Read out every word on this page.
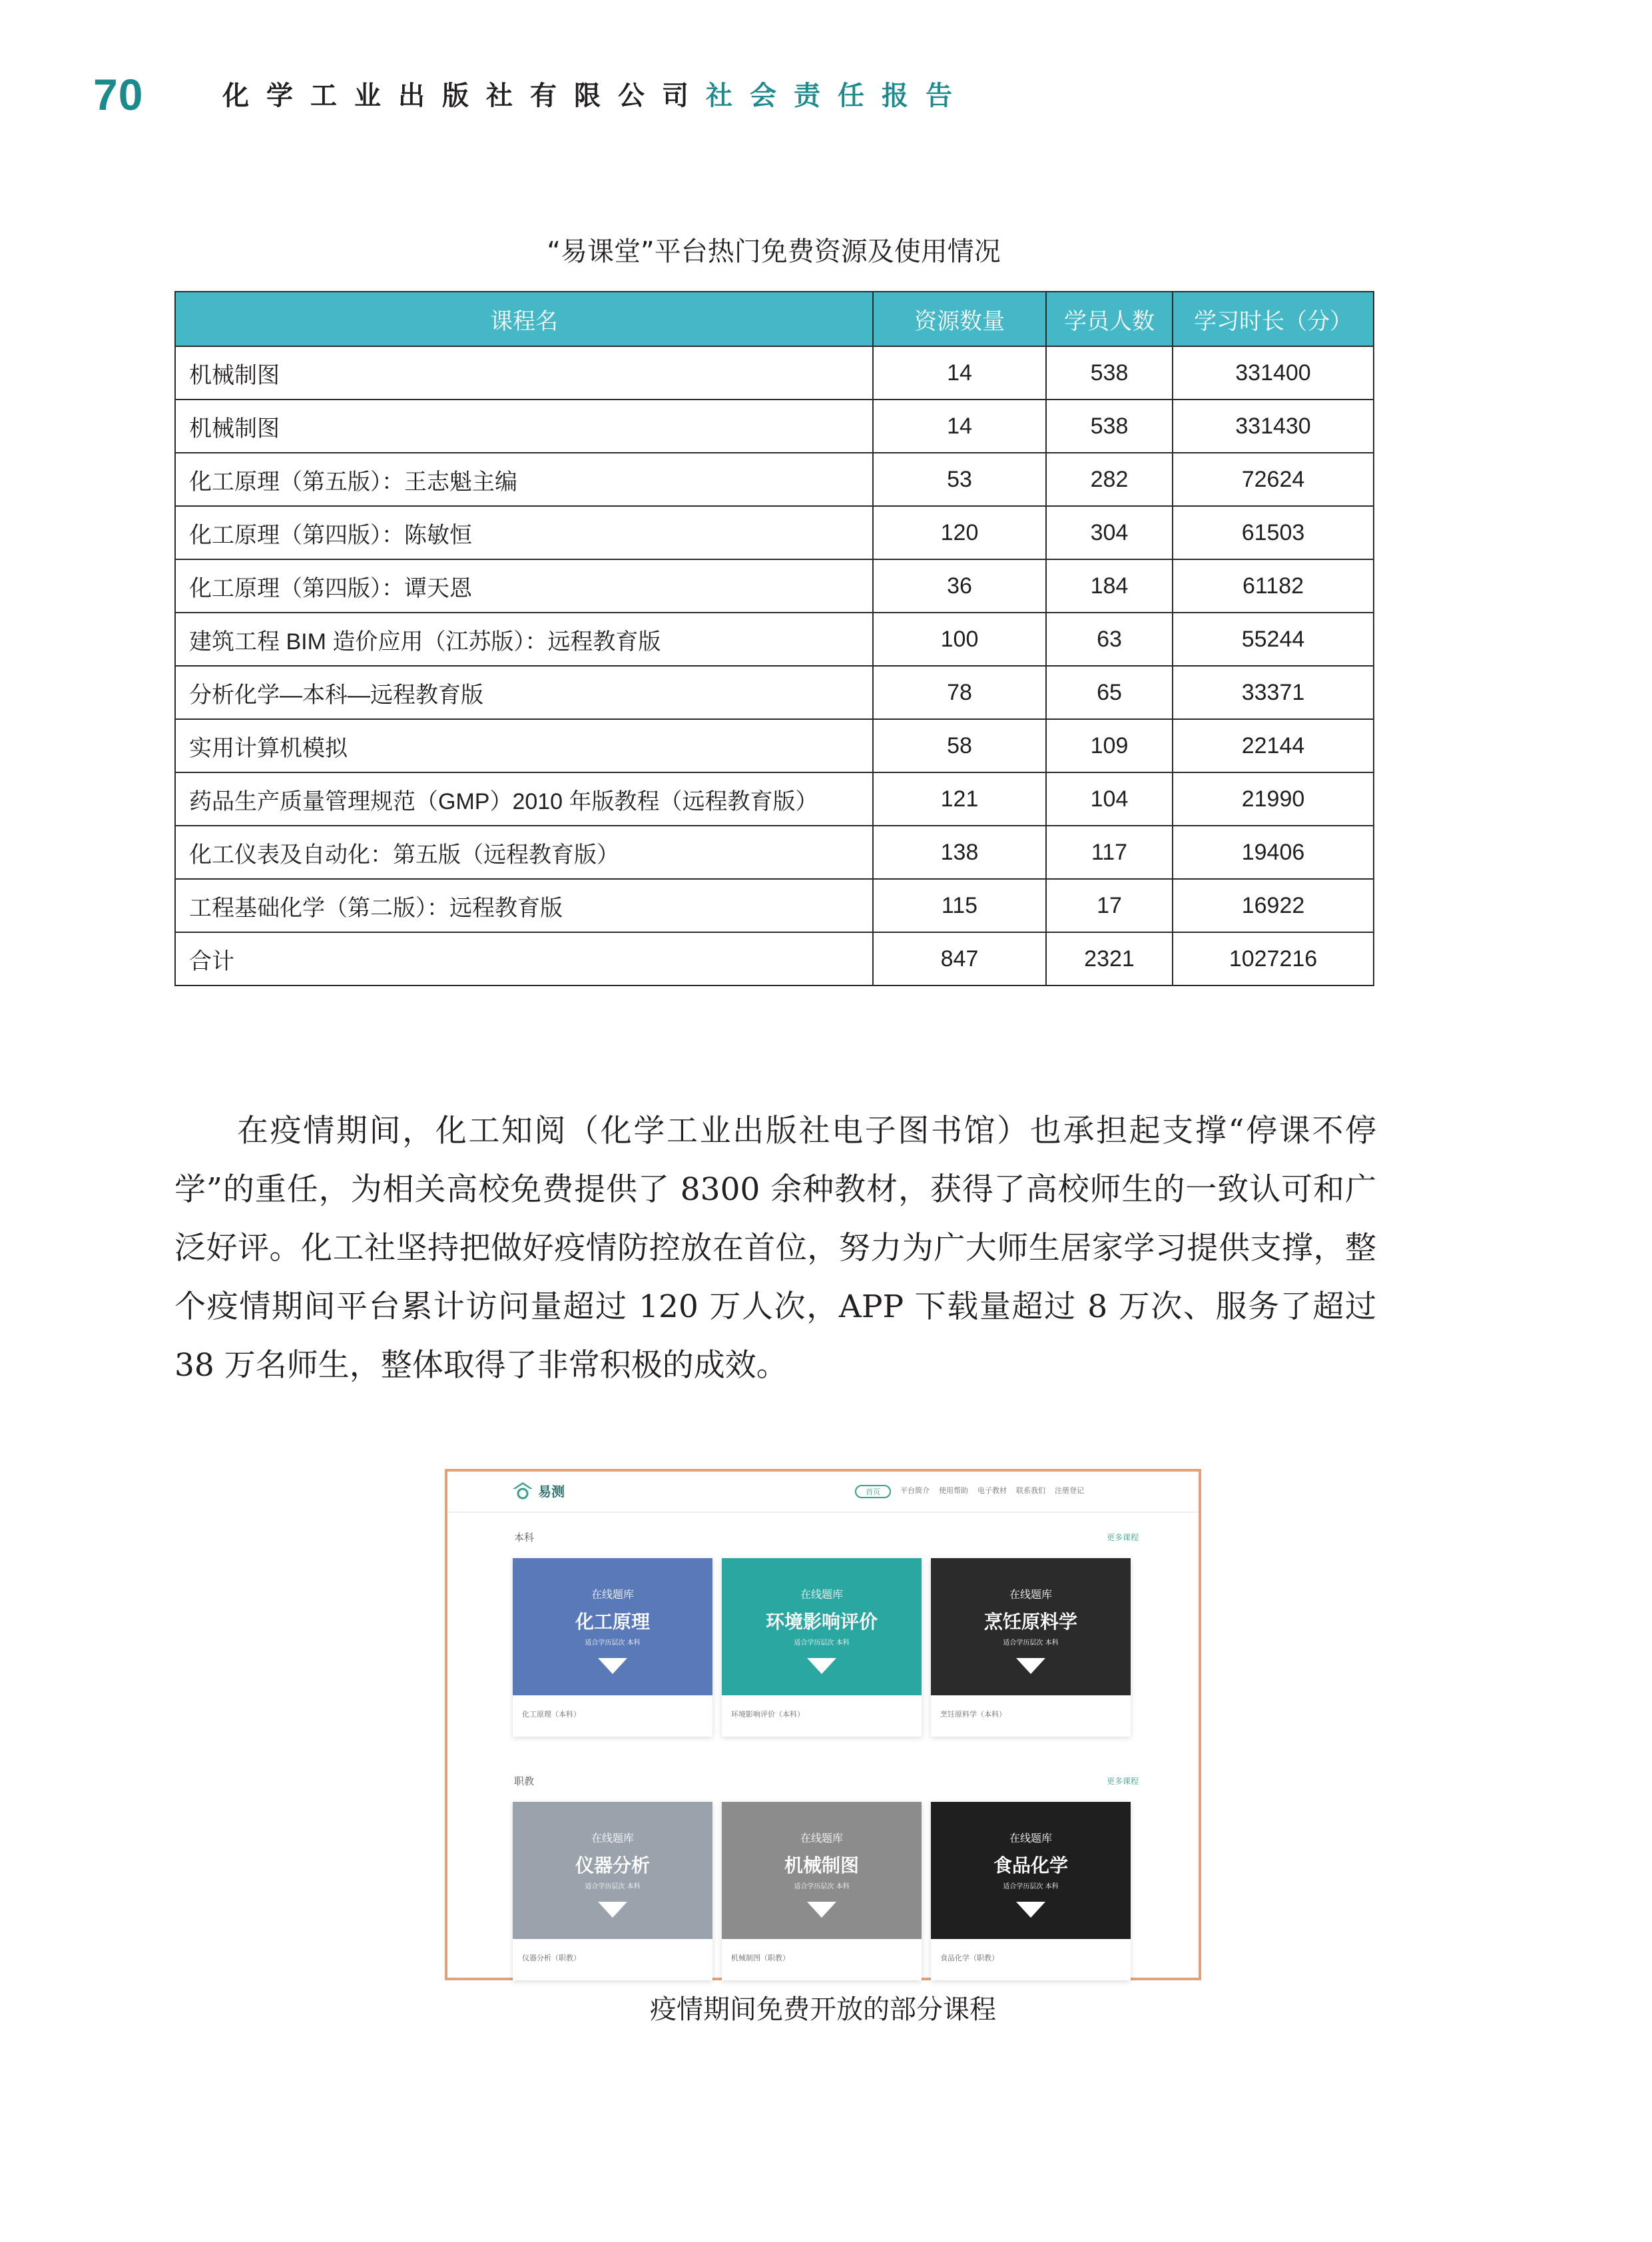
70	化学工业出版社有限公司社会责任报告
“易课堂”平台热门免费资源及使用情况
课程名	资源数量	学员人数	学习时长（分）
机械制图	14	538	331400
机械制图	14	538	331430
化工原理（第五版）：王志魁主编	53	282	72624
化工原理（第四版）：陈敏恒	120	304	61503
化工原理（第四版）：谭天恩	36	184	61182
建筑工程 BIM 造价应用（江苏版）：远程教育版	100	63	55244
分析化学—本科—远程教育版	78	65	33371
实用计算机模拟	58	109	22144
药品生产质量管理规范（GMP）2010 年版教程（远程教育版）	121	104	21990
化工仪表及自动化：第五版（远程教育版）	138	117	19406
工程基础化学（第二版）：远程教育版	115	17	16922
合计	847	2321	1027216

在疫情期间，化工知阅（化学工业出版社电子图书馆）也承担起支撑“停课不停学”的重任，为相关高校免费提供了 8300 余种教材，获得了高校师生的一致认可和广泛好评。化工社坚持把做好疫情防控放在首位，努力为广大师生居家学习提供支撑，整个疫情期间平台累计访问量超过 120 万人次，APP 下载量超过 8 万次、服务了超过 38 万名师生，整体取得了非常积极的成效。

易测	首页	平台简介 使用帮助 电子教材 联系我们 注册登记
本科	更多课程
职教	更多课程
在线题库
化工原理
适合学历层次 本科
化工原理（本科）
在线题库
环境影响评价
适合学历层次 本科
环境影响评价（本科）
在线题库
烹饪原料学
适合学历层次 本科
烹饪原料学（本科）
在线题库
仪器分析
适合学历层次 本科
仪器分析（职教）
在线题库
机械制图
适合学历层次 本科
机械制图（职教）
在线题库
食品化学
适合学历层次 本科
食品化学（职教）
疫情期间免费开放的部分课程
